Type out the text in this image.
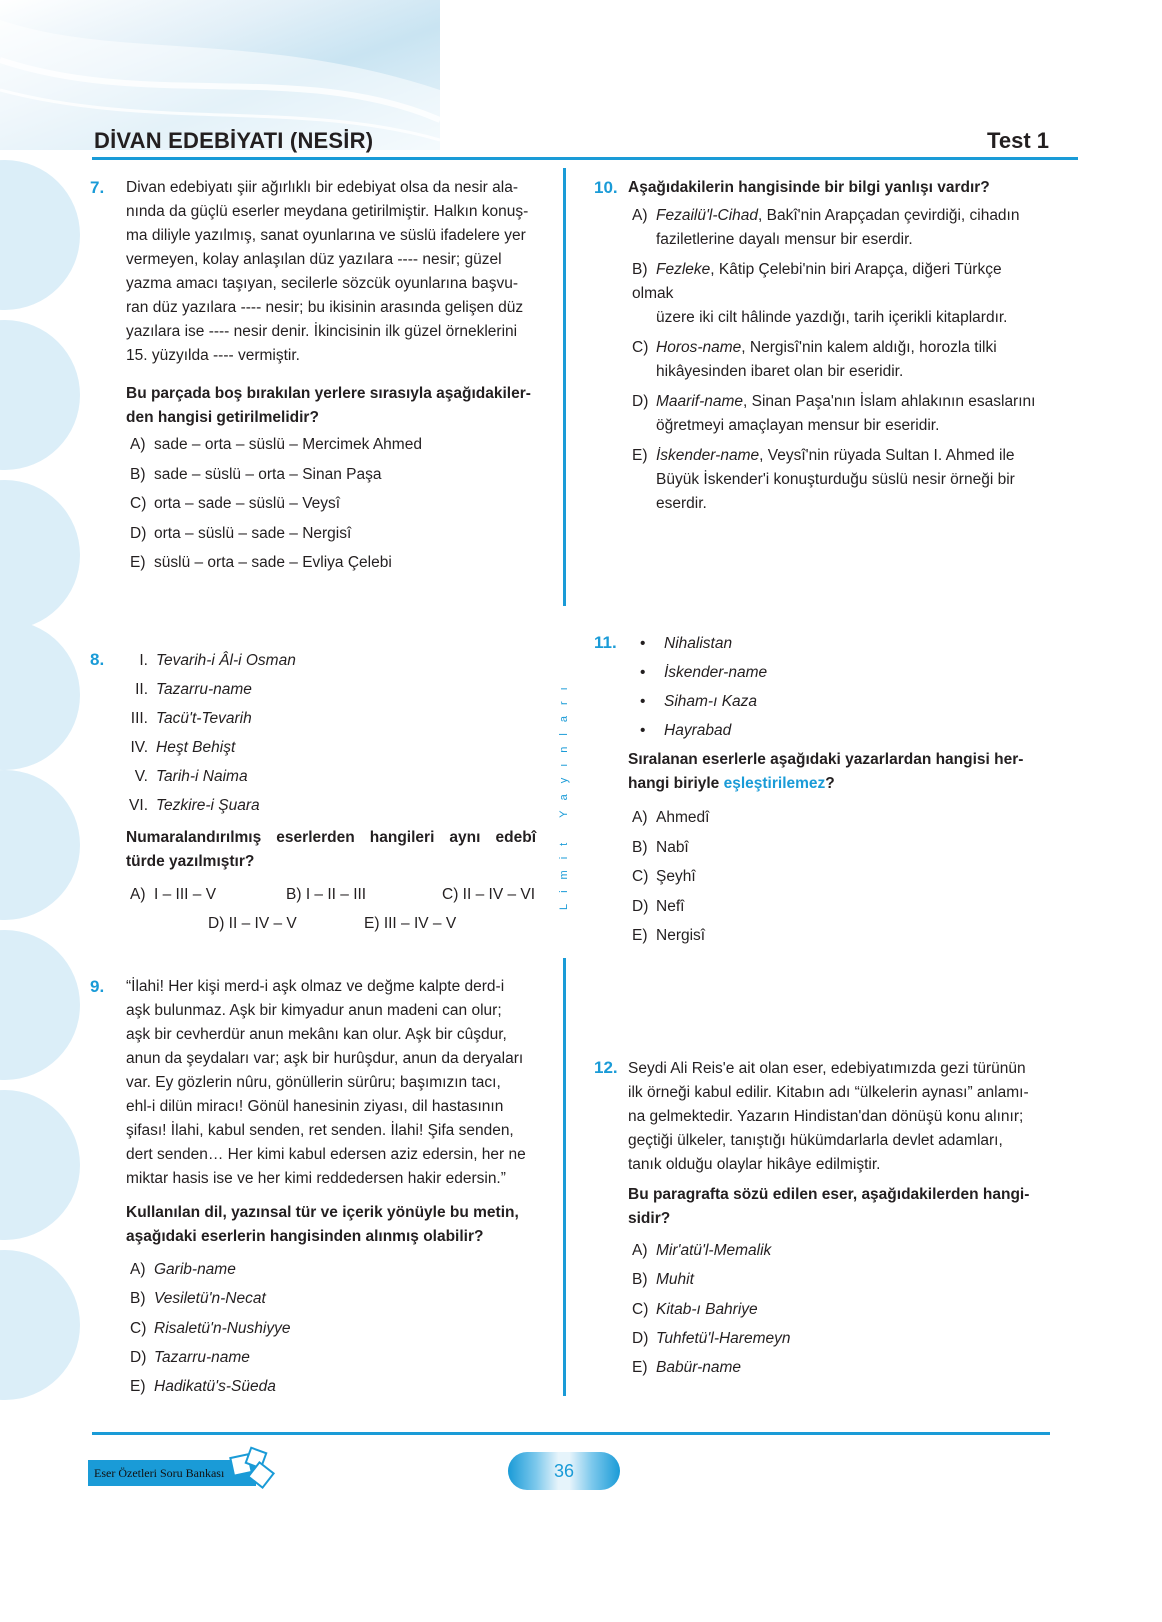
DİVAN EDEBİYATI (NESİR)	Test 1
Limit Yayınları
7. Divan edebiyatı şiir ağırlıklı bir edebiyat olsa da nesir ala-
nında da güçlü eserler meydana getirilmiştir. Halkın konuş-
ma diliyle yazılmış, sanat oyunlarına ve süslü ifadelere yer
vermeyen, kolay anlaşılan düz yazılara ---- nesir; güzel
yazma amacı taşıyan, secilerle sözcük oyunlarına başvu-
ran düz yazılara ---- nesir; bu ikisinin arasında gelişen düz
yazılara ise ---- nesir denir. İkincisinin ilk güzel örneklerini
15. yüzyılda ---- vermiştir.
Bu parçada boş bırakılan yerlere sırasıyla aşağıdakiler-
den hangisi getirilmelidir?
A) sade – orta – süslü – Mercimek Ahmed
B) sade – süslü – orta – Sinan Paşa
C) orta – sade – süslü – Veysî
D) orta – süslü – sade – Nergisî
E) süslü – orta – sade – Evliya Çelebi
8.	I. Tevarih-i Âl-i Osman
II. Tazarru-name
III. Tacü't-Tevarih
IV. Heşt Behişt
V. Tarih-i Naima
VI. Tezkire-i Şuara
Numaralandırılmış eserlerden hangileri aynı edebî
türde yazılmıştır?
A) I – III – V	B) I – II – III	C) II – IV – VI
D) II – IV – V	E) III – IV – V
9. “İlahi! Her kişi merd-i aşk olmaz ve değme kalpte derd-i
aşk bulunmaz. Aşk bir kimyadur anun madeni can olur;
aşk bir cevherdür anun mekânı kan olur. Aşk bir cûşdur,
anun da şeydaları var; aşk bir hurûşdur, anun da deryaları
var. Ey gözlerin nûru, gönüllerin sürûru; başımızın tacı,
ehl-i dilün miracı! Gönül hanesinin ziyası, dil hastasının
şifası! İlahi, kabul senden, ret senden. İlahi! Şifa senden,
dert senden… Her kimi kabul edersen aziz edersin, her ne
miktar hasis ise ve her kimi reddedersen hakir edersin.”
Kullanılan dil, yazınsal tür ve içerik yönüyle bu metin,
aşağıdaki eserlerin hangisinden alınmış olabilir?
A) Garib-name
B) Vesiletü'n-Necat
C) Risaletü'n-Nushiyye
D) Tazarru-name
E) Hadikatü's-Süeda
10. Aşağıdakilerin hangisinde bir bilgi yanlışı vardır?
A) Fezailü'l-Cihad, Bakî'nin Arapçadan çevirdiği, cihadın
faziletlerine dayalı mensur bir eserdir.
B) Fezleke, Kâtip Çelebi'nin biri Arapça, diğeri Türkçe olmak
üzere iki cilt hâlinde yazdığı, tarih içerikli kitaplardır.
C) Horos-name, Nergisî'nin kalem aldığı, horozla tilki
hikâyesinden ibaret olan bir eseridir.
D) Maarif-name, Sinan Paşa'nın İslam ahlakının esaslarını
öğretmeyi amaçlayan mensur bir eseridir.
E) İskender-name, Veysî'nin rüyada Sultan I. Ahmed ile
Büyük İskender'i konuşturduğu süslü nesir örneği bir
eserdir.
11. • Nihalistan
• İskender-name
• Siham-ı Kaza
• Hayrabad
Sıralanan eserlerle aşağıdaki yazarlardan hangisi her-
hangi biriyle eşleştirilemez?
A) Ahmedî
B) Nabî
C) Şeyhî
D) Nefî
E) Nergisî
12. Seydi Ali Reis'e ait olan eser, edebiyatımızda gezi türünün
ilk örneği kabul edilir. Kitabın adı “ülkelerin aynası” anlamı-
na gelmektedir. Yazarın Hindistan'dan dönüşü konu alınır;
geçtiği ülkeler, tanıştığı hükümdarlarla devlet adamları,
tanık olduğu olaylar hikâye edilmiştir.
Bu paragrafta sözü edilen eser, aşağıdakilerden hangi-
sidir?
A) Mir'atü'l-Memalik
B) Muhit
C) Kitab-ı Bahriye
D) Tuhfetü'l-Haremeyn
E) Babür-name
Eser Özetleri Soru Bankası	36
